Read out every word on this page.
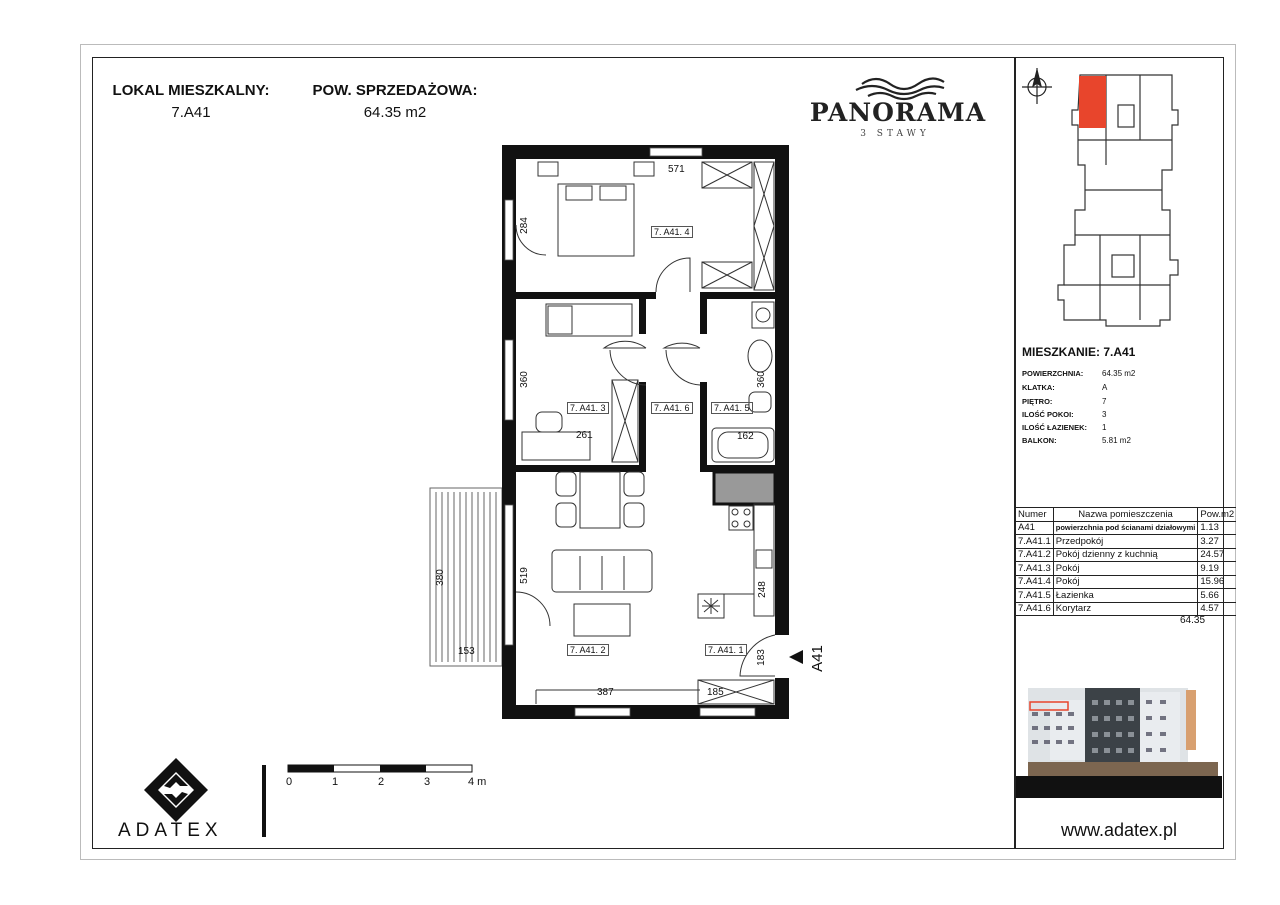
LOKAL MIESZKALNY:
7.A41
POW. SPRZEDAŻOWA:
64.35 m2	PANORAMA
3 STAWY
7. A41. 4
7. A41. 3	7. A41. 6	7. A41. 5
7. A41. 2	7. A41. 1
571
284
360
261
360
162
519
248
380
153
387	185
183	A41
0	1	2	3	4 m
ADATEX
MIESZKANIE: 7.A41
POWIERZCHNIA: 64.35 m2
KLATKA:	A
PIĘTRO:	7
ILOŚĆ POKOI:	3
ILOŚĆ ŁAZIENEK: 1
BALKON:	5.81 m2
Numer	Nazwa pomieszczenia	Pow.m2
A41	powierzchnia pod ścianami działowymi	1.13
7.A41.1	Przedpokój	3.27
7.A41.2	Pokój dzienny z kuchnią	24.57
7.A41.3	Pokój	9.19
7.A41.4	Pokój	15.96
7.A41.5	Łazienka	5.66
7.A41.6	Korytarz	4.57
64.35
www.adatex.pl
